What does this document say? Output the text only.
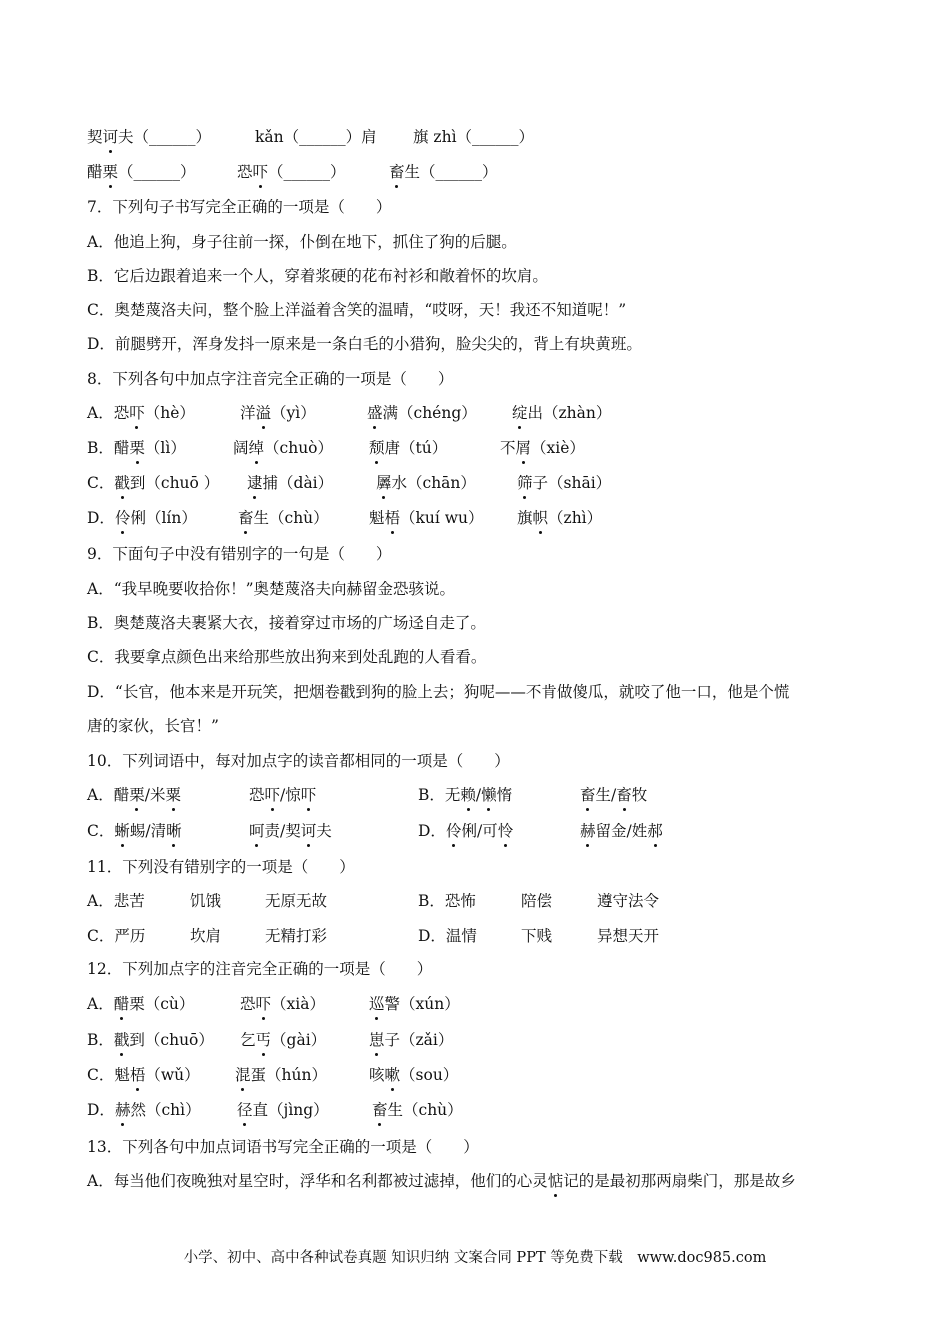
契诃夫（______）	kǎn（______）肩 旗 zhì（______）
醋栗（______）	恐吓（______）	畜生（______）
7．下列句子书写完全正确的一项是（　　）
A．他追上狗，身子往前一探，仆倒在地下，抓住了狗的后腿。
B．它后边跟着追来一个人，穿着浆硬的花布衬衫和敞着怀的坎肩。
C．奥楚蔑洛夫问，整个脸上洋溢着含笑的温晴，“哎呀，天！我还不知道呢！”
D．前腿劈开，浑身发抖一原来是一条白毛的小猎狗，脸尖尖的，背上有块黄班。
8．下列各句中加点字注音完全正确的一项是（　　）
A．恐吓（hè）	洋溢（yì）	盛满（chéng） 绽出（zhàn）
B．醋栗（lì）	阔绰（chuò） 颓唐（tú）	不屑（xiè）
C．戳到（chuō ） 逮捕（dài）	羼水（chān）	筛子（shāi）
D．伶俐（lín）	畜生（chù）	魁梧（kuí wu） 旗帜（zhì）
9．下面句子中没有错别字的一句是（　　）
A．“我早晚要收拾你！”奥楚蔑洛夫向赫留金恐骇说。
B．奥楚蔑洛夫裹紧大衣，接着穿过市场的广场迳自走了。
C．我要拿点颜色出来给那些放出狗来到处乱跑的人看看。
D．“长官，他本来是开玩笑，把烟卷戳到狗的脸上去；狗呢——不肯做傻瓜，就咬了他一口，他是个慌
唐的家伙，长官！”
10．下列词语中，每对加点字的读音都相同的一项是（　　）
A．醋栗/米粟	恐吓/惊吓	B．无赖/懒惰	畜生/畜牧
C．蜥蜴/清晰	呵责/契诃夫	D．伶俐/可怜	赫留金/姓郝
11．下列没有错别字的一项是（　　）
A．悲苦	饥饿	无原无故	B．恐怖	陪偿	遵守法令
C．严历	坎肩	无精打彩	D．温情	下贱	异想天开
12．下列加点字的注音完全正确的一项是（　　）
A．醋栗（cù）	恐吓（xià）	巡警（xún）
B．戳到（chuō） 乞丐（gài）	崽子（zǎi）
C．魁梧（wǔ） 混蛋（hún）	咳嗽（sou）
D．赫然（chì） 径直（jìng）	畜生（chù）
13．下列各句中加点词语书写完全正确的一项是（　　）
A．每当他们夜晚独对星空时，浮华和名利都被过滤掉，他们的心灵惦记的是最初那两扇柴门，那是故乡
小学、初中、高中各种试卷真题 知识归纳 文案合同 PPT 等免费下载　www.doc985.com
